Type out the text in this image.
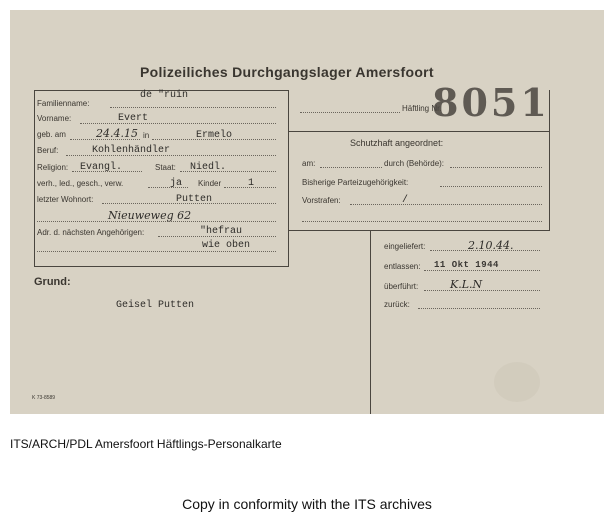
Polizeiliches Durchgangslager Amersfoort
Häftling Nr.
8051
Familienname:
de "ruin
Vorname:	Evert
geb. am	24.4.15 in	Ermelo
Beruf:	Kohlenhändler
Religion: Evangl.	Staat: Niedl.
verh., led., gesch., verw.	ja Kinder	1
letzter Wohnort:	Putten
Nieuweweg 62
Adr. d. nächsten Angehörigen:	"hefrau
wie oben
Schutzhaft angeordnet:
am:	durch (Behörde):
Bisherige Parteizugehörigkeit:
Vorstrafen:	/
eingeliefert:	2.10.44.
entlassen: 11 Okt 1944
überführt:	K.L.N
zurück:
Grund:
Geisel Putten
K 73-8589
ITS/ARCH/PDL Amersfoort Häftlings-Personalkarte
Copy in conformity with the ITS archives
